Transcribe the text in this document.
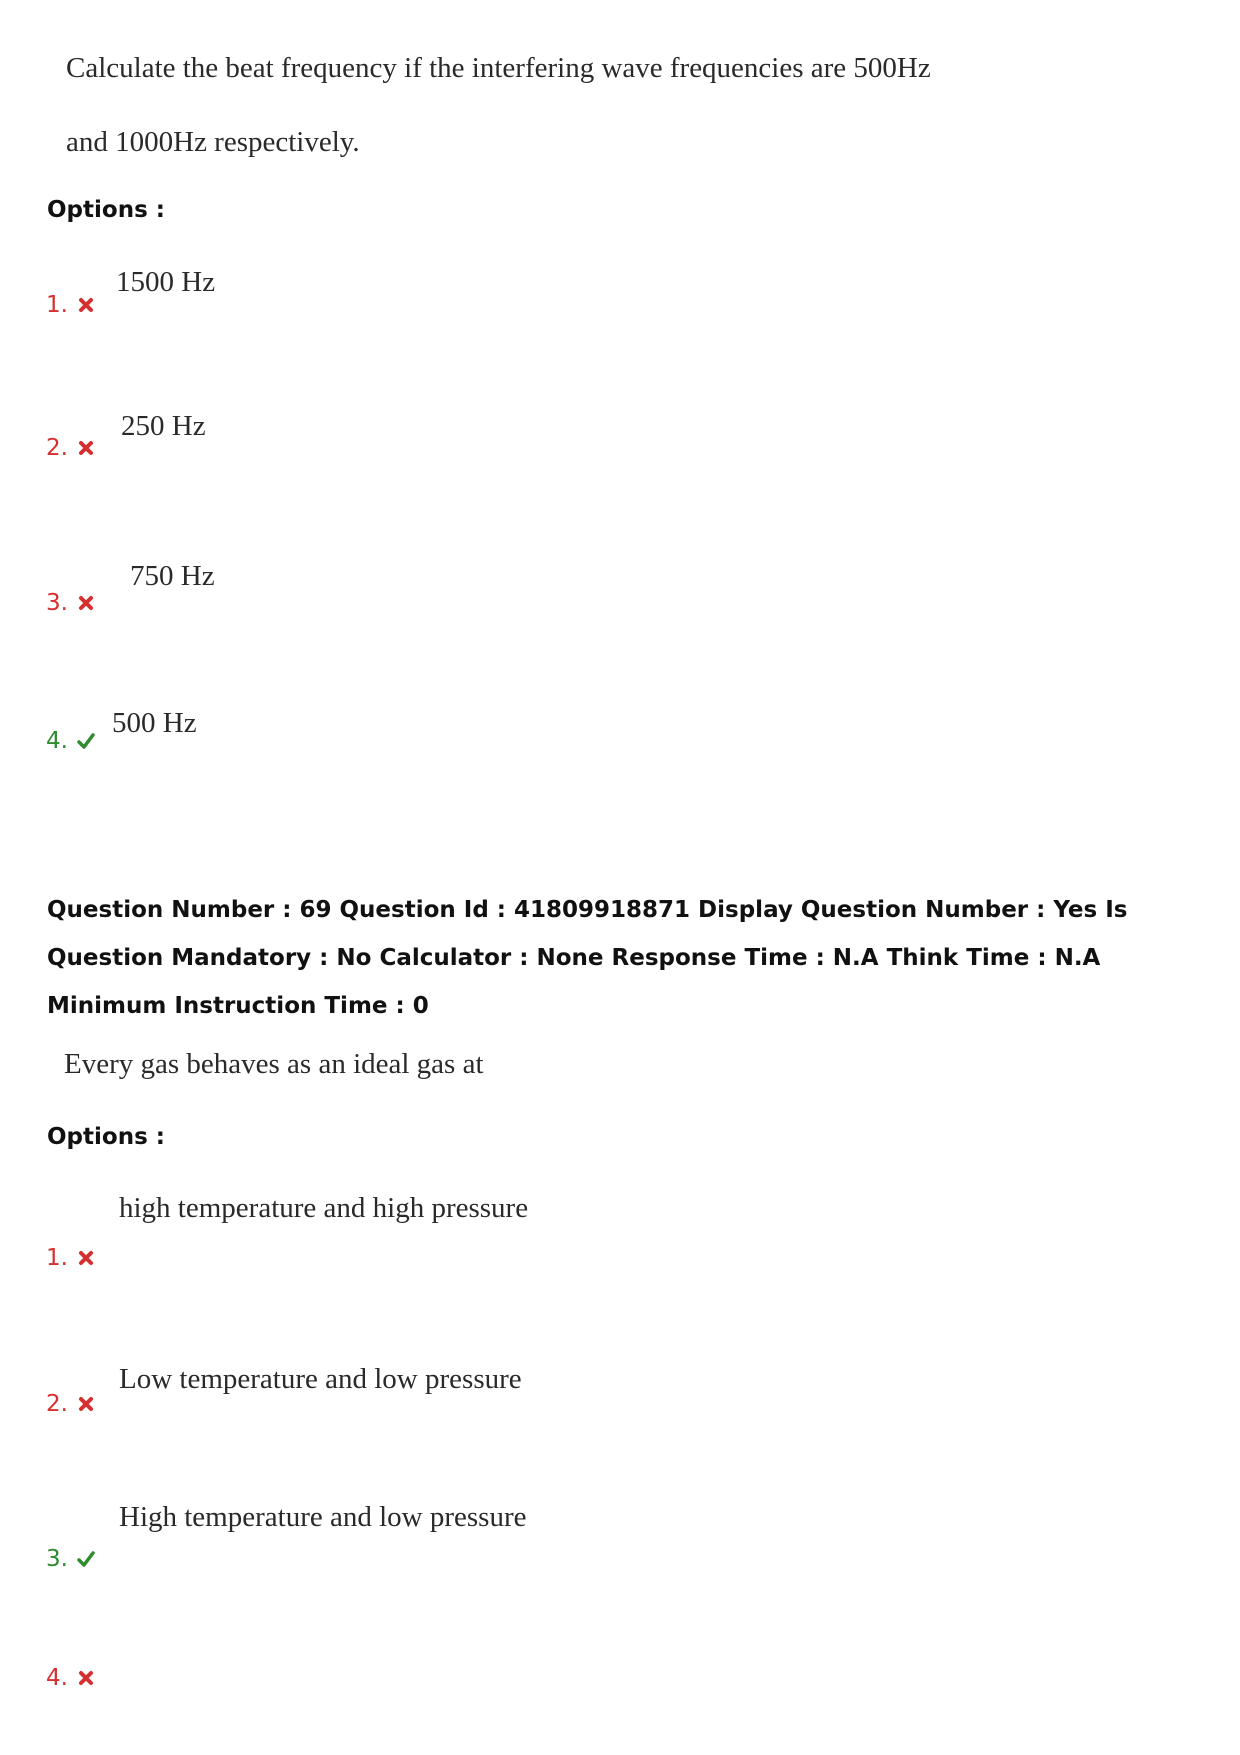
Calculate the beat frequency if the interfering wave frequencies are 500Hz
and 1000Hz respectively.
Options :
1500 Hz
1.
250 Hz
2.
750 Hz
3.
500 Hz
4.
Question Number : 69 Question Id : 41809918871 Display Question Number : Yes Is Question Mandatory : No Calculator : None Response Time : N.A Think Time : N.A Minimum Instruction Time : 0
Every gas behaves as an ideal gas at
Options :
high temperature and high pressure
1.
Low temperature and low pressure
2.
High temperature and low pressure
3.
4.
